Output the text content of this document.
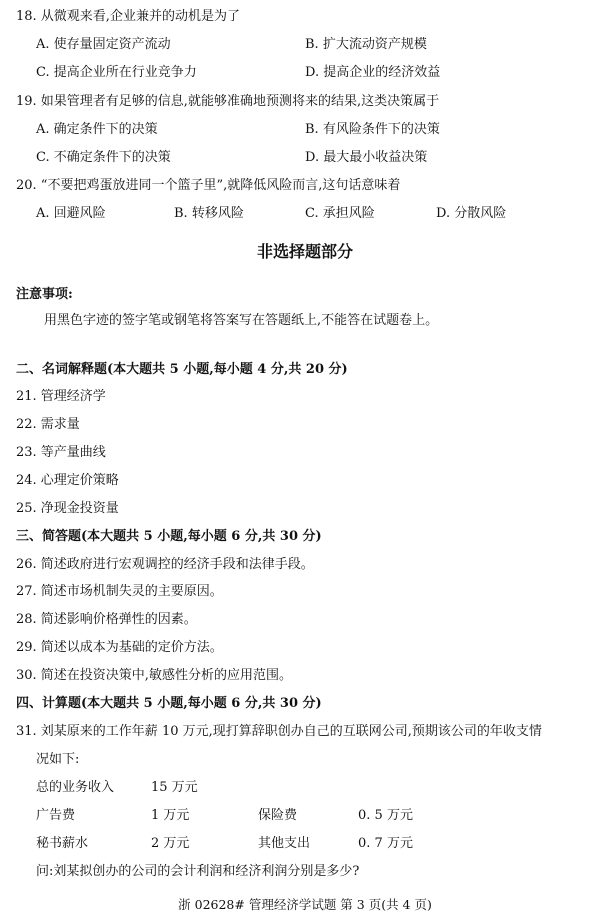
18. 从微观来看,企业兼并的动机是为了
A. 使存量固定资产流动	B. 扩大流动资产规模
C. 提高企业所在行业竞争力	D. 提高企业的经济效益
19. 如果管理者有足够的信息,就能够准确地预测将来的结果,这类决策属于
A. 确定条件下的决策	B. 有风险条件下的决策
C. 不确定条件下的决策	D. 最大最小收益决策
20. “不要把鸡蛋放进同一个篮子里”,就降低风险而言,这句话意味着
A. 回避风险	B. 转移风险	C. 承担风险	D. 分散风险
非选择题部分
注意事项:
用黑色字迹的签字笔或钢笔将答案写在答题纸上,不能答在试题卷上。
二、名词解释题(本大题共 5 小题,每小题 4 分,共 20 分)
21. 管理经济学
22. 需求量
23. 等产量曲线
24. 心理定价策略
25. 净现金投资量
三、简答题(本大题共 5 小题,每小题 6 分,共 30 分)
26. 简述政府进行宏观调控的经济手段和法律手段。
27. 简述市场机制失灵的主要原因。
28. 简述影响价格弹性的因素。
29. 简述以成本为基础的定价方法。
30. 简述在投资决策中,敏感性分析的应用范围。
四、计算题(本大题共 5 小题,每小题 6 分,共 30 分)
31. 刘某原来的工作年薪 10 万元,现打算辞职创办自己的互联网公司,预期该公司的年收支情
况如下:
总的业务收入	15 万元
广告费	1 万元	保险费	0. 5 万元
秘书薪水	2 万元	其他支出	0. 7 万元
问:刘某拟创办的公司的会计利润和经济利润分别是多少?
浙 02628# 管理经济学试题 第 3 页(共 4 页)
